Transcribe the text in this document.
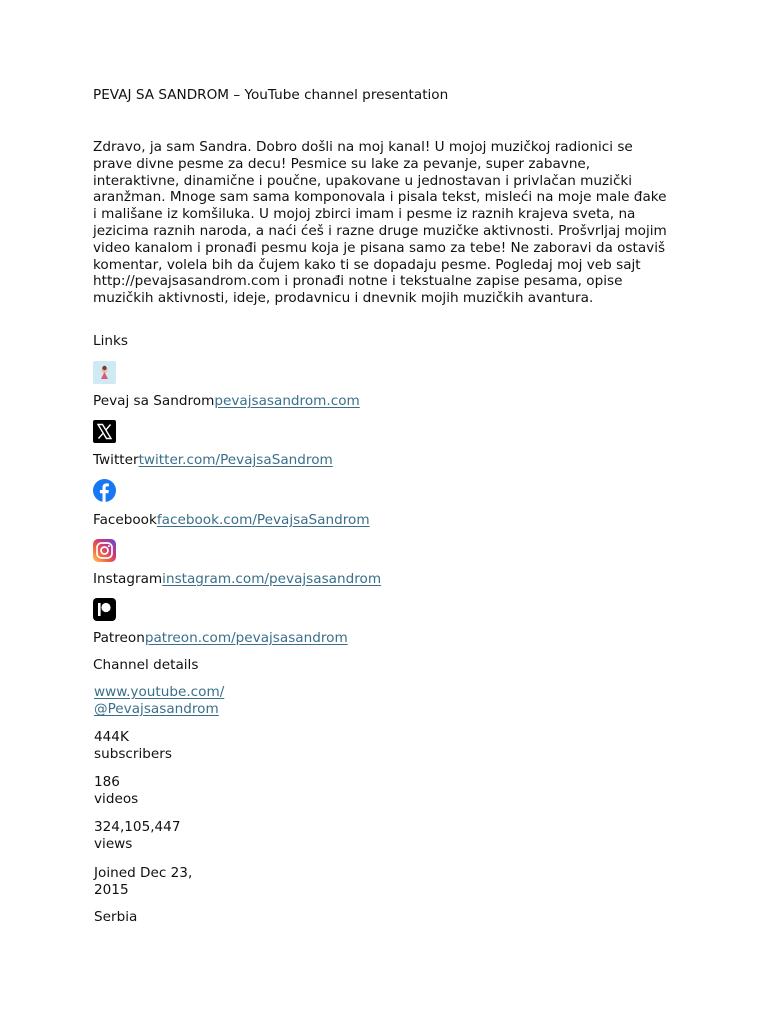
PEVAJ SA SANDROM – YouTube channel presentation

Zdravo, ja sam Sandra. Dobro došli na moj kanal! U mojoj muzičkoj radionici se prave divne pesme za decu! Pesmice su lake za pevanje, super zabavne, interaktivne, dinamične i poučne, upakovane u jednostavan i privlačan muzički aranžman. Mnoge sam sama komponovala i pisala tekst, misleći na moje male đake i mališane iz komšiluka. U mojoj zbirci imam i pesme iz raznih krajeva sveta, na jezicima raznih naroda, a naći ćeš i razne druge muzičke aktivnosti. Prošvrljaj mojim video kanalom i pronađi pesmu koja je pisana samo za tebe! Ne zaboravi da ostaviš komentar, volela bih da čujem kako ti se dopadaju pesme. Pogledaj moj veb sajt http://pevajsasandrom.com i pronađi notne i tekstualne zapise pesama, opise muzičkih aktivnosti, ideje, prodavnicu i dnevnik mojih muzičkih avantura.

Links
Pevaj sa Sandrompevajsasandrom.com
Twittertwitter.com/PevajsaSandrom
Facebookfacebook.com/PevajsaSandrom
Instagraminstagram.com/pevajsasandrom
Patreonpatreon.com/pevajsasandrom
Channel details
www.youtube.com/
@Pevajsasandrom
444K
subscribers
186
videos
324,105,447
views
Joined Dec 23,
2015
Serbia
